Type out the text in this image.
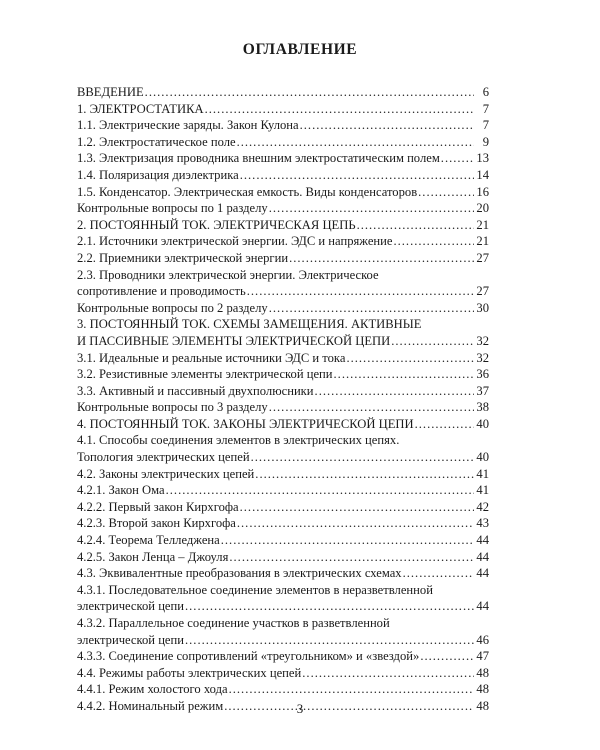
ОГЛАВЛЕНИЕ
ВВЕДЕНИЕ .....	6
1. ЭЛЕКТРОСТАТИКА .....	7
1.1. Электрические заряды. Закон Кулона .....	7
1.2. Электростатическое поле .....	9
1.3. Электризация проводника внешним электростатическим полем .....	13
1.4. Поляризация диэлектрика .....	14
1.5. Конденсатор. Электрическая емкость. Виды конденсаторов .....	16
Контрольные вопросы по 1 разделу .....	20
2. ПОСТОЯННЫЙ ТОК. ЭЛЕКТРИЧЕСКАЯ ЦЕПЬ .....	21
2.1. Источники электрической энергии. ЭДС и напряжение .....	21
2.2. Приемники электрической энергии .....	27
2.3. Проводники электрической энергии. Электрическое
сопротивление и проводимость .....	27
Контрольные вопросы по 2 разделу .....	30
3. ПОСТОЯННЫЙ ТОК. СХЕМЫ ЗАМЕЩЕНИЯ. АКТИВНЫЕ
И ПАССИВНЫЕ ЭЛЕМЕНТЫ ЭЛЕКТРИЧЕСКОЙ ЦЕПИ .....	32
3.1. Идеальные и реальные источники ЭДС и тока .....	32
3.2. Резистивные элементы электрической цепи .....	36
3.3. Активный и пассивный двухполюсники .....	37
Контрольные вопросы по 3 разделу .....	38
4. ПОСТОЯННЫЙ ТОК. ЗАКОНЫ ЭЛЕКТРИЧЕСКОЙ ЦЕПИ .....	40
4.1. Способы соединения элементов в электрических цепях.
Топология электрических цепей .....	40
4.2. Законы электрических цепей .....	41
4.2.1. Закон Ома .....	41
4.2.2. Первый закон Кирхгофа .....	42
4.2.3. Второй закон Кирхгофа .....	43
4.2.4. Теорема Телледжена .....	44
4.2.5. Закон Ленца – Джоуля .....	44
4.3. Эквивалентные преобразования в электрических схемах .....	44
4.3.1. Последовательное соединение элементов в неразветвленной
электрической цепи .....	44
4.3.2. Параллельное соединение участков в разветвленной
электрической цепи .....	46
4.3.3. Соединение сопротивлений «треугольником» и «звездой» .....	47
4.4. Режимы работы электрических цепей .....	48
4.4.1. Режим холостого хода .....	48
4.4.2. Номинальный режим .....	48
3
